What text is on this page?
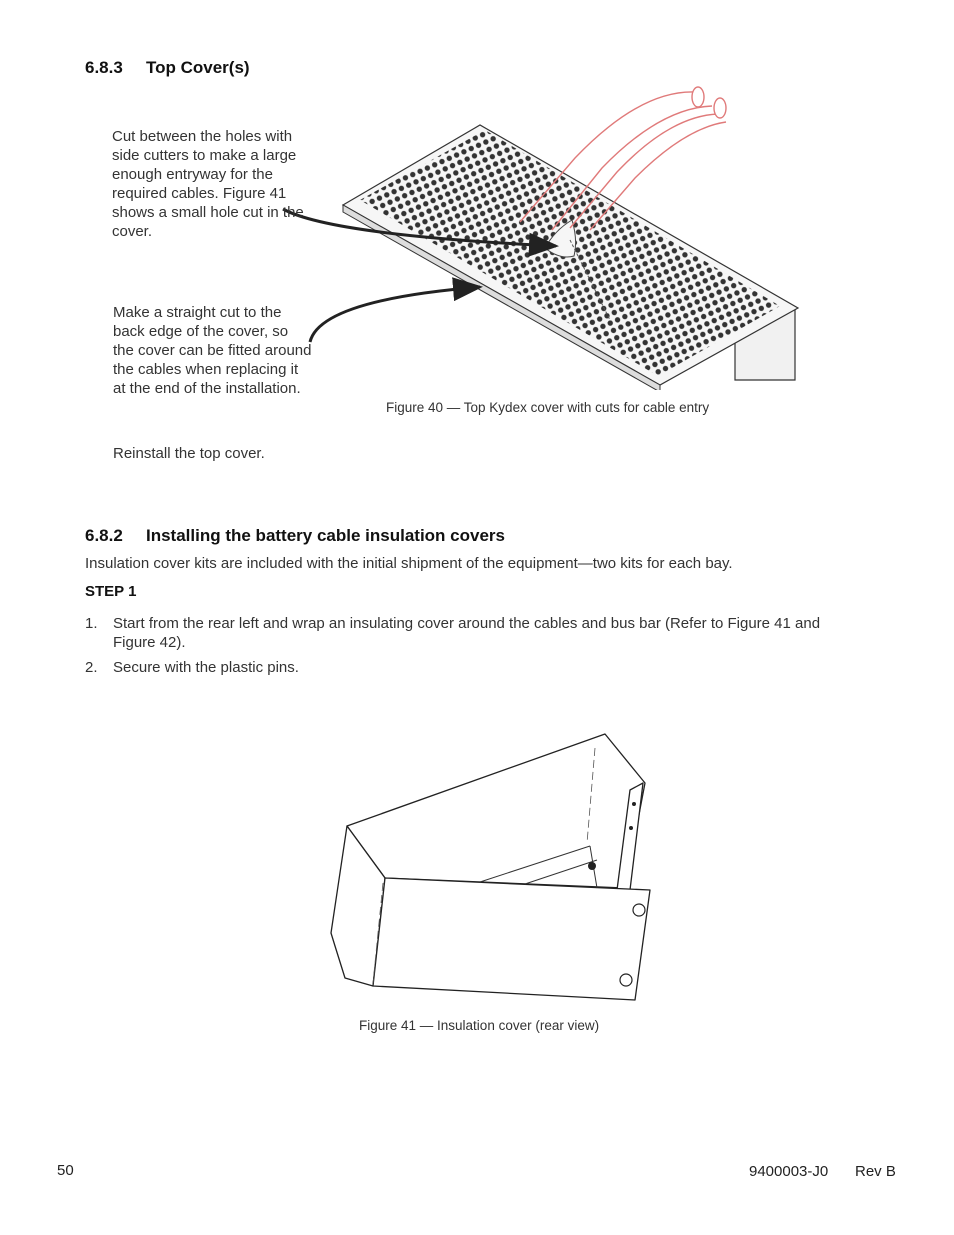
6.8.3 Top Cover(s)
Cut between the holes with side cutters to make a large enough entryway for the required cables. Figure 41 shows a small hole cut in the cover.
Make a straight cut to the back edge of the cover, so the cover can be fitted around the cables when replacing it at the end of the installation.
Figure 40 — Top Kydex cover with cuts for cable entry
Reinstall the top cover.
6.8.2 Installing the battery cable insulation covers
Insulation cover kits are included with the initial shipment of the equipment—two kits for each bay.
STEP 1
1. Start from the rear left and wrap an insulating cover around the cables and bus bar (Refer to Figure 41 and Figure 42).
2. Secure with the plastic pins.
Figure 41 — Insulation cover (rear view)
50	9400003-J0 Rev B
